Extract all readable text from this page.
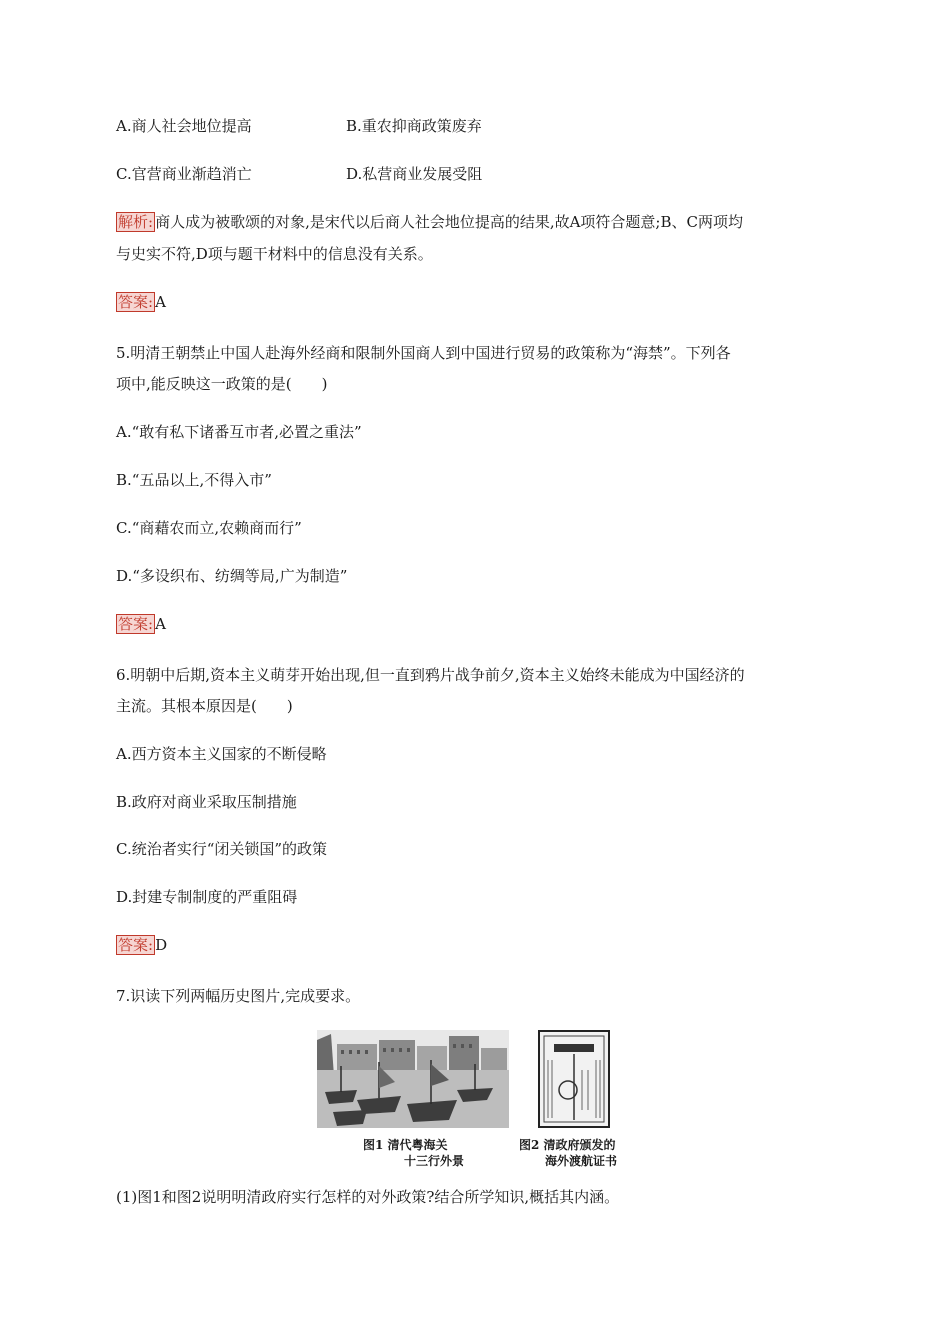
A.商人社会地位提高	B.重农抑商政策废弃
C.官营商业渐趋消亡	D.私营商业发展受阻
解析: 商人成为被歌颂的对象,是宋代以后商人社会地位提高的结果,故A项符合题意;B、C两项均
与史实不符,D项与题干材料中的信息没有关系。
答案: A
5.明清王朝禁止中国人赴海外经商和限制外国商人到中国进行贸易的政策称为“海禁”。下列各
项中,能反映这一政策的是(　　)
A.“敢有私下诸番互市者,必置之重法”
B.“五品以上,不得入市”
C.“商藉农而立,农赖商而行”
D.“多设织布、纺绸等局,广为制造”
答案: A
6.明朝中后期,资本主义萌芽开始出现,但一直到鸦片战争前夕,资本主义始终未能成为中国经济的
主流。其根本原因是(　　)
A.西方资本主义国家的不断侵略
B.政府对商业采取压制措施
C.统治者实行“闭关锁国”的政策
D.封建专制制度的严重阻碍
答案: D
7.识读下列两幅历史图片,完成要求。
图1 清代粤海关
十三行外景
图2 清政府颁发的
海外渡航证书
(1)图1和图2说明明清政府实行怎样的对外政策?结合所学知识,概括其内涵。
